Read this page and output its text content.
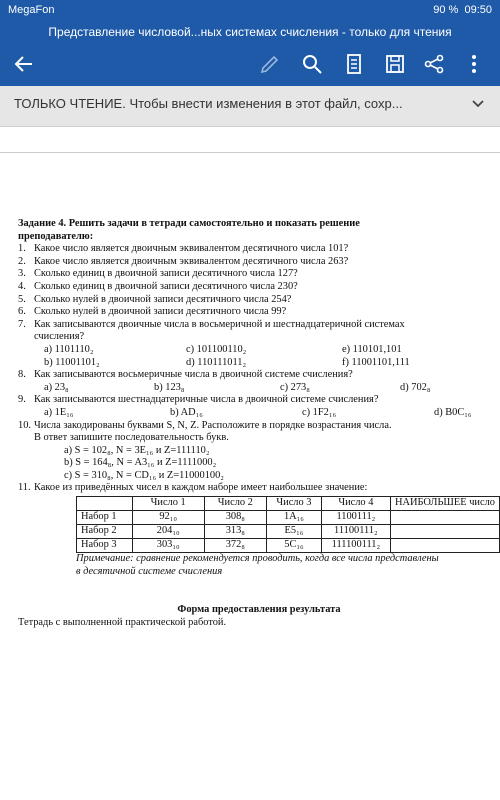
MegaFon	90 % 09:50
Представление числовой...ных системах счисления - только для чтения
ТОЛЬКО ЧТЕНИЕ. Чтобы внести изменения в этот файл, сохр...
Задание 4. Решить задачи в тетради самостоятельно и показать решение
преподавателю:
1. Какое число является двоичным эквивалентом десятичного числа 101?
2. Какое число является двоичным эквивалентом десятичного числа 263?
3. Сколько единиц в двоичной записи десятичного числа 127?
4. Сколько единиц в двоичной записи десятичного числа 230?
5. Сколько нулей в двоичной записи десятичного числа 254?
6. Сколько нулей в двоичной записи десятичного числа 99?
7. Как записываются двоичные числа в восьмеричной и шестнадцатеричной системах
счисления?
a) 1101110₂	c) 101100110₂	e) 110101,101
b) 11001101₂	d) 110111011₂	f) 11001101,111
8. Как записываются восьмеричные числа в двоичной системе счисления?
a) 23₈	b) 123₈	c) 273₈	d) 702₈
9. Как записываются шестнадцатеричные числа в двоичной системе счисления?
a) 1E₁₆	b) AD₁₆	c) 1F2₁₆	d) B0C₁₆
10. Числа закодированы буквами S, N, Z. Расположите в порядке возрастания числа.
В ответ запишите последовательность букв.
a) S = 102₈, N = 3E₁₆ и Z=111110₂
b) S = 164₈, N = A3₁₆ и Z=1111000₂
c) S = 310₈, N = CD₁₆ и Z=11000100₂
11. Какое из приведённых чисел в каждом наборе имеет наибольшее значение:
	Число 1	Число 2	Число 3	Число 4	НАИБОЛЬШЕЕ число
Набор 1	92₁₀	308₈	1A₁₆	1100111₂	
Набор 2	204₁₀	313₈	E5₁₆	11100111₂	
Набор 3	303₁₀	372₈	5C₁₆	111100111₂	
Примечание: сравнение рекомендуется проводить, когда все числа представлены
в десятичной системе счисления
Форма предоставления результата
Тетрадь с выполненной практической работой.
